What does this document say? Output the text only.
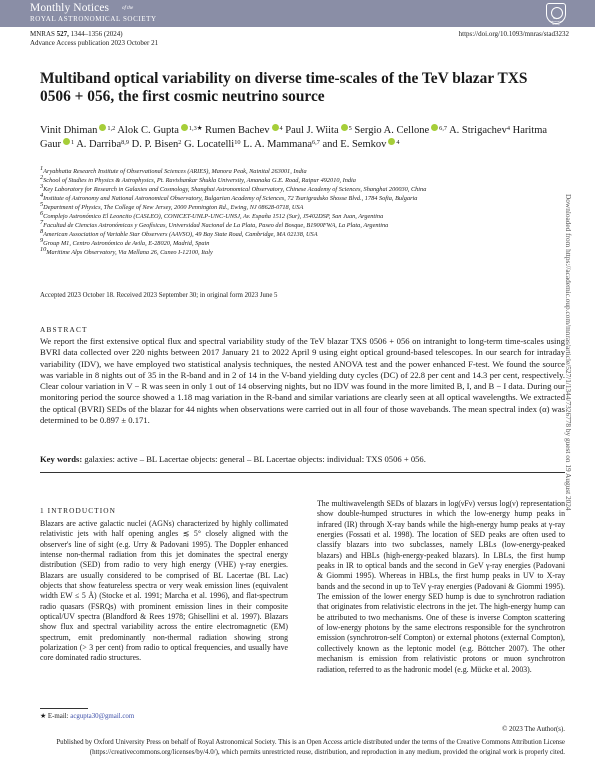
Monthly Notices	of the
ROYAL ASTRONOMICAL SOCIETY	Royal Astronomical Society
MNRAS 527, 1344–1356 (2024)
Advance Access publication 2023 October 21
https://doi.org/10.1093/mnras/stad3232
Multiband optical variability on diverse time-scales of the TeV blazar TXS 0506 + 056, the first cosmic neutrino source
Vinit Dhiman $^{1,2}$ Alok C. Gupta $^{1,3★}$ Rumen Bachev $^4$ Paul J. Wiita $^5$ Sergio A. Cellone $^{6,7}$ A. Strigachev$^4$ Haritma Gaur $^1$ A. Darriba$^{8,9}$ D. P. Bisen$^2$ G. Locatelli$^{10}$ L. A. Mammana$^{6,7}$ and E. Semkov $^4$
$^1$Aryabhatta Research Institute of Observational Sciences (ARIES), Manora Peak, Nainital 263001, India
$^2$School of Studies in Physics & Astrophysics, Pt. Ravishankar Shukla University, Amanaka G.E. Road, Raipur 492010, India
$^3$Key Laboratory for Research in Galaxies and Cosmology, Shanghai Astronomical Observatory, Chinese Academy of Sciences, Shanghai 200030, China
$^4$Institute of Astronomy and National Astronomical Observatory, Bulgarian Academy of Sciences, 72 Tsarigradsko Shosse Blvd., 1784 Sofia, Bulgaria
$^5$Department of Physics, The College of New Jersey, 2000 Pennington Rd., Ewing, NJ 08628-0718, USA
$^6$Complejo Astronómico El Leoncito (CASLEO), CONICET-UNLP-UNC-UNSJ, Av. España 1512 (Sur), J5402DSP, San Juan, Argentina
$^7$Facultad de Ciencias Astronómicas y Geofísicas, Universidad Nacional de La Plata, Paseo del Bosque, B1900FWA, La Plata, Argentina
$^8$American Association of Variable Star Observers (AAVSO), 49 Bay State Road, Cambridge, MA 02138, USA
$^9$Group M1, Centro Astronómico de Avila, E-28020, Madrid, Spain
$^{10}$Maritime Alps Observatory, Via Mellana 26, Cuneo I-12100, Italy
Accepted 2023 October 18. Received 2023 September 30; in original form 2023 June 5
ABSTRACT
We report the first extensive optical flux and spectral variability study of the TeV blazar TXS 0506 + 056 on intranight to long-term time-scales using BVRI data collected over 220 nights between 2017 January 21 to 2022 April 9 using eight optical ground-based telescopes. In our search for intraday variability (IDV), we have employed two statistical analysis techniques, the nested ANOVA test and the power enhanced F-test. We found the source was variable in 8 nights out of 35 in the R-band and in 2 of 14 in the V-band yielding duty cycles (DC) of 22.8 per cent and 14.3 per cent, respectively. Clear colour variation in V − R was seen in only 1 out of 14 observing nights, but no IDV was found in the more limited B, I, and B − I data. During our monitoring period the source showed a 1.18 mag variation in the R-band and similar variations are clearly seen at all optical wavelengths. We extracted the optical (BVRI) SEDs of the blazar for 44 nights when observations were carried out in all four of those wavebands. The mean spectral index (α) was determined to be 0.897 ± 0.171.
Key words: galaxies: active – BL Lacertae objects: general – BL Lacertae objects: individual: TXS 0506 + 056.
1 INTRODUCTION
Blazars are active galactic nuclei (AGNs) characterized by highly collimated relativistic jets with half opening angles ≲ 5° closely aligned with the observer's line of sight (e.g. Urry & Padovani 1995). The Doppler enhanced intense non-thermal radiation from this jet dominates the spectral energy distribution (SED) from radio to very high energy (VHE) γ-ray energies. Blazars are usually considered to be comprised of BL Lacertae (BL Lac) objects that show featureless spectra or very weak emission lines (equivalent width EW ≤ 5 Å) (Stocke et al. 1991; Marcha et al. 1996), and flat-spectrum radio quasars (FSRQs) with prominent emission lines in their composite optical/UV spectra (Blandford & Rees 1978; Ghisellini et al. 1997). Blazars show flux and spectral variability across the entire electromagnetic (EM) spectrum, emit predominantly non-thermal radiation showing strong polarization (> 3 per cent) from radio to optical frequencies, and usually have core dominated radio structures.
The multiwavelength SEDs of blazars in log(νFν) versus log(ν) representation show double-humped structures in which the low-energy hump peaks in infrared (IR) through X-ray bands while the high-energy hump peaks at γ-ray energies (Fossati et al. 1998). The location of SED peaks are often used to classify blazars into two subclasses, namely LBLs (low-energy-peaked blazars) and HBLs (high-energy-peaked blazars). In LBLs, the first hump peaks in IR to optical bands and the second in GeV γ-ray energies (Padovani & Giommi 1995). Whereas in HBLs, the first hump peaks in UV to X-ray bands and the second in up to TeV γ-ray energies (Padovani & Giommi 1995). The emission of the lower energy SED hump is due to synchrotron radiation that originates from relativistic electrons in the jet. The high-energy hump can be attributed to two mechanisms. One of these is inverse Compton scattering of low-energy photons by the same electrons responsible for the synchrotron emission (synchrotron-self Compton) or external photons (external Compton), collectively known as the leptonic model (e.g. Böttcher 2007). The other mechanism is emission from relativistic protons or muon synchrotron radiation, referred to as the hadronic model (e.g. Mücke et al. 2003).
★ E-mail: acgupta30@gmail.com
© 2023 The Author(s).
Published by Oxford University Press on behalf of Royal Astronomical Society. This is an Open Access article distributed under the terms of the Creative Commons Attribution License (https://creativecommons.org/licenses/by/4.0/), which permits unrestricted reuse, distribution, and reproduction in any medium, provided the original work is properly cited.
Downloaded from https://academic.oup.com/mnras/article/527/1/1344/7326778 by guest on 19 August 2024
